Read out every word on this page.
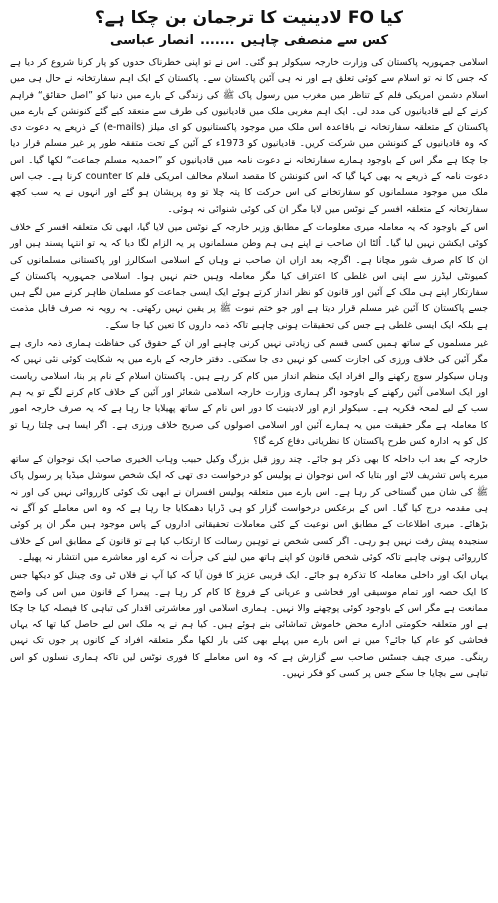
کیا FO لادینیت کا ترجمان بن چکا ہے؟
کس سے منصفی چاہیں.......انصار عباسی

اسلامی جمہوریہ پاکستان کی وزارت خارجہ سیکولر ہو گئی۔ اس نے تو اپنی خطرناک حدوں کو پار کرنا شروع کر دیا ہے کہ جس کا نہ تو اسلام سے کوئی تعلق ہے اور نہ ہی آئین پاکستان سے۔ پاکستان کے ایک اہم سفارتخانہ نے حال ہی میں اسلام دشمن امریکی فلم کے تناظر میں مغرب میں رسول پاک ﷺ کی زندگی کے بارے میں دنیا کو ”اصل حقائق“ فراہم کرنے کے لیے قادیانیوں کی مدد لی۔ ایک اہم مغربی ملک میں قادیانیوں کی طرف سے منعقد کیے گئے کنونشن کے بارے میں پاکستان کے متعلقہ سفارتخانہ نے باقاعدہ اس ملک میں موجود پاکستانیوں کو ای میلز (e-mails) کے ذریعے یہ دعوت دی کہ وہ قادیانیوں کے کنونشن میں شرکت کریں۔ قادیانیوں کو 1973ء کے آئین کے تحت متفقہ طور پر غیر مسلم قرار دیا جا چکا ہے مگر اس کے باوجود ہمارے سفارتخانہ نے دعوت نامہ میں قادیانیوں کو ”احمدیہ مسلم جماعت“ لکھا گیا۔ اس دعوت نامہ کے ذریعے یہ بھی کہا گیا کہ اس کنونشن کا مقصد اسلام مخالف امریکی فلم کا counter کرنا ہے۔ جب اس ملک میں موجود مسلمانوں کو سفارتخانے کی اس حرکت کا پتہ چلا تو وہ پریشان ہو گئے اور انہوں نے یہ سب کچھ سفارتخانہ کے متعلقہ افسر کے نوٹس میں لایا مگر ان کی کوئی شنوائی نہ ہوئی۔

اس کے باوجود کہ یہ معاملہ میری معلومات کے مطابق وزیر خارجہ کے نوٹس میں لایا گیا، ابھی تک متعلقہ افسر کے خلاف کوئی ایکشن نہیں لیا گیا۔ اُلٹا ان صاحب نے اپنے ہی ہم وطن مسلمانوں پر یہ الزام لگا دیا کہ یہ تو انتہا پسند ہیں اور ان کا کام صرف شور مچانا ہے۔ اگرچہ بعد ازاں ان صاحب نے وہاں کے اسلامی اسکالرز اور پاکستانی مسلمانوں کی کمیونٹی لیڈرز سے اپنی اس غلطی کا اعتراف کیا مگر معاملہ وہیں ختم نہیں ہوا۔ اسلامی جمہوریہ پاکستان کے سفارتکار اپنے ہی ملک کے آئین اور قانون کو نظر انداز کرتے ہوئے ایک ایسی جماعت کو مسلمان ظاہر کرنے میں لگے ہیں جسے پاکستان کا آئین غیر مسلم قرار دیتا ہے اور جو ختم نبوت ﷺ پر یقین نہیں رکھتی۔ یہ رویہ نہ صرف قابل مذمت ہے بلکہ ایک ایسی غلطی ہے جس کی تحقیقات ہونی چاہیے تاکہ ذمہ داروں کا تعین کیا جا سکے۔

غیر مسلموں کے ساتھ ہمیں کسی قسم کی زیادتی نہیں کرنی چاہیے اور ان کے حقوق کی حفاظت ہماری ذمہ داری ہے مگر آئین کی خلاف ورزی کی اجازت کسی کو نہیں دی جا سکتی۔ دفتر خارجہ کے بارے میں یہ شکایت کوئی نئی نہیں کہ وہاں سیکولر سوچ رکھنے والے افراد ایک منظم انداز میں کام کر رہے ہیں۔ پاکستان اسلام کے نام پر بنا، اسلامی ریاست اور ایک اسلامی آئین رکھنے کے باوجود اگر ہماری وزارت خارجہ اسلامی شعائر اور آئین کے خلاف کام کرنے لگے تو یہ ہم سب کے لیے لمحہ فکریہ ہے۔ سیکولر ازم اور لادینیت کا دور اس نام کے ساتھ پھیلایا جا رہا ہے کہ یہ صرف خارجہ امور کا معاملہ ہے مگر حقیقت میں یہ ہمارے آئین اور اسلامی اصولوں کی صریح خلاف ورزی ہے۔ اگر ایسا ہی چلتا رہا تو کل کو یہ ادارہ کس طرح پاکستان کا نظریاتی دفاع کرے گا؟

خارجہ کے بعد اب داخلہ کا بھی ذکر ہو جائے۔ چند روز قبل بزرگ وکیل حبیب وہاب الخیری صاحب ایک نوجوان کے ساتھ میرے پاس تشریف لائے اور بتایا کہ اس نوجوان نے پولیس کو درخواست دی تھی کہ ایک شخص سوشل میڈیا پر رسول پاک ﷺ کی شان میں گستاخی کر رہا ہے۔ اس بارے میں متعلقہ پولیس افسران نے ابھی تک کوئی کارروائی نہیں کی اور نہ ہی مقدمہ درج کیا گیا۔ اس کے برعکس درخواست گزار کو ہی ڈرایا دھمکایا جا رہا ہے کہ وہ اس معاملے کو آگے نہ بڑھائے۔ میری اطلاعات کے مطابق اس نوعیت کے کئی معاملات تحقیقاتی اداروں کے پاس موجود ہیں مگر ان پر کوئی سنجیدہ پیش رفت نہیں ہو رہی۔ اگر کسی شخص نے توہین رسالت کا ارتکاب کیا ہے تو قانون کے مطابق اس کے خلاف کارروائی ہونی چاہیے تاکہ کوئی شخص قانون کو اپنے ہاتھ میں لینے کی جرأت نہ کرے اور معاشرے میں انتشار نہ پھیلے۔

یہاں ایک اور داخلی معاملہ کا تذکرہ ہو جائے۔ ایک قریبی عزیز کا فون آیا کہ کیا آپ نے فلاں ٹی وی چینل کو دیکھا جس کا ایک حصہ اور تمام موسیقی اور فحاشی و عریانی کے فروغ کا کام کر رہا ہے۔ پیمرا کے قانون میں اس کی واضح ممانعت ہے مگر اس کے باوجود کوئی پوچھنے والا نہیں۔ ہماری اسلامی اور معاشرتی اقدار کی تباہی کا فیصلہ کیا جا چکا ہے اور متعلقہ حکومتی ادارے محض خاموش تماشائی بنے ہوئے ہیں۔ کیا ہم نے یہ ملک اس لیے حاصل کیا تھا کہ یہاں فحاشی کو عام کیا جائے؟ میں نے اس بارے میں پہلے بھی کئی بار لکھا مگر متعلقہ افراد کے کانوں پر جوں تک نہیں رینگی۔ میری چیف جسٹس صاحب سے گزارش ہے کہ وہ اس معاملے کا فوری نوٹس لیں تاکہ ہماری نسلوں کو اس تباہی سے بچایا جا سکے جس پر کسی کو فکر نہیں۔
